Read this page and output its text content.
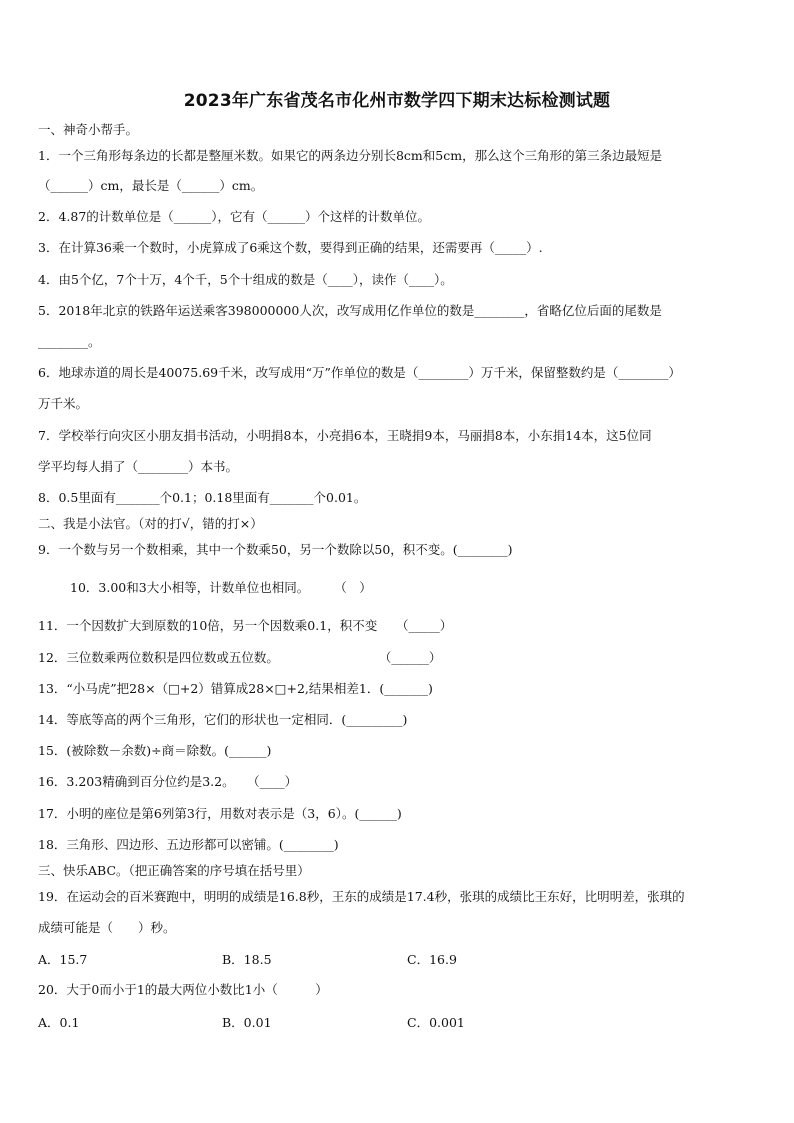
2023年广东省茂名市化州市数学四下期末达标检测试题
一、神奇小帮手。
1．一个三角形每条边的长都是整厘米数。如果它的两条边分别长8cm和5cm，那么这个三角形的第三条边最短是
（______）cm，最长是（______）cm。
2．4.87的计数单位是（______），它有（______）个这样的计数单位。
3．在计算36乘一个数时，小虎算成了6乘这个数，要得到正确的结果，还需要再（_____）.
4．由5个亿，7个十万，4个千，5个十组成的数是（____），读作（____）。
5．2018年北京的铁路年运送乘客398000000人次，改写成用亿作单位的数是________，省略亿位后面的尾数是
________。
6．地球赤道的周长是40075.69千米，改写成用“万”作单位的数是（________）万千米，保留整数约是（________）
万千米。
7．学校举行向灾区小朋友捐书活动，小明捐8本，小亮捐6本，王晓捐9本，马丽捐8本，小东捐14本，这5位同
学平均每人捐了（________）本书。
8．0.5里面有_______个0.1；0.18里面有_______个0.01。
二、我是小法官。（对的打√，错的打×）
9．一个数与另一个数相乘，其中一个数乘50，另一个数除以50，积不变。(________)
10．3.00和3大小相等，计数单位也相同。　　　（　）
11．一个因数扩大到原数的10倍，另一个因数乘0.1，积不变　　（_____）
12．三位数乘两位数积是四位数或五位数。　　　　　　　　　（______）
13．“小马虎”把28×（□+2）错算成28×□+2,结果相差1．(_______)
14．等底等高的两个三角形，它们的形状也一定相同．(_________)
15．(被除数－余数)÷商＝除数。(______)
16．3.203精确到百分位约是3.2。　　（____）
17．小明的座位是第6列第3行，用数对表示是（3，6）。(______)
18．三角形、四边形、五边形都可以密铺。(________)
三、快乐ABC。（把正确答案的序号填在括号里）
19．在运动会的百米赛跑中，明明的成绩是16.8秒，王东的成绩是17.4秒，张琪的成绩比王东好，比明明差，张琪的
成绩可能是（　　）秒。
A．15.7	B．18.5	C．16.9
20．大于0而小于1的最大两位小数比1小（　　　）
A．0.1	B．0.01	C．0.001
